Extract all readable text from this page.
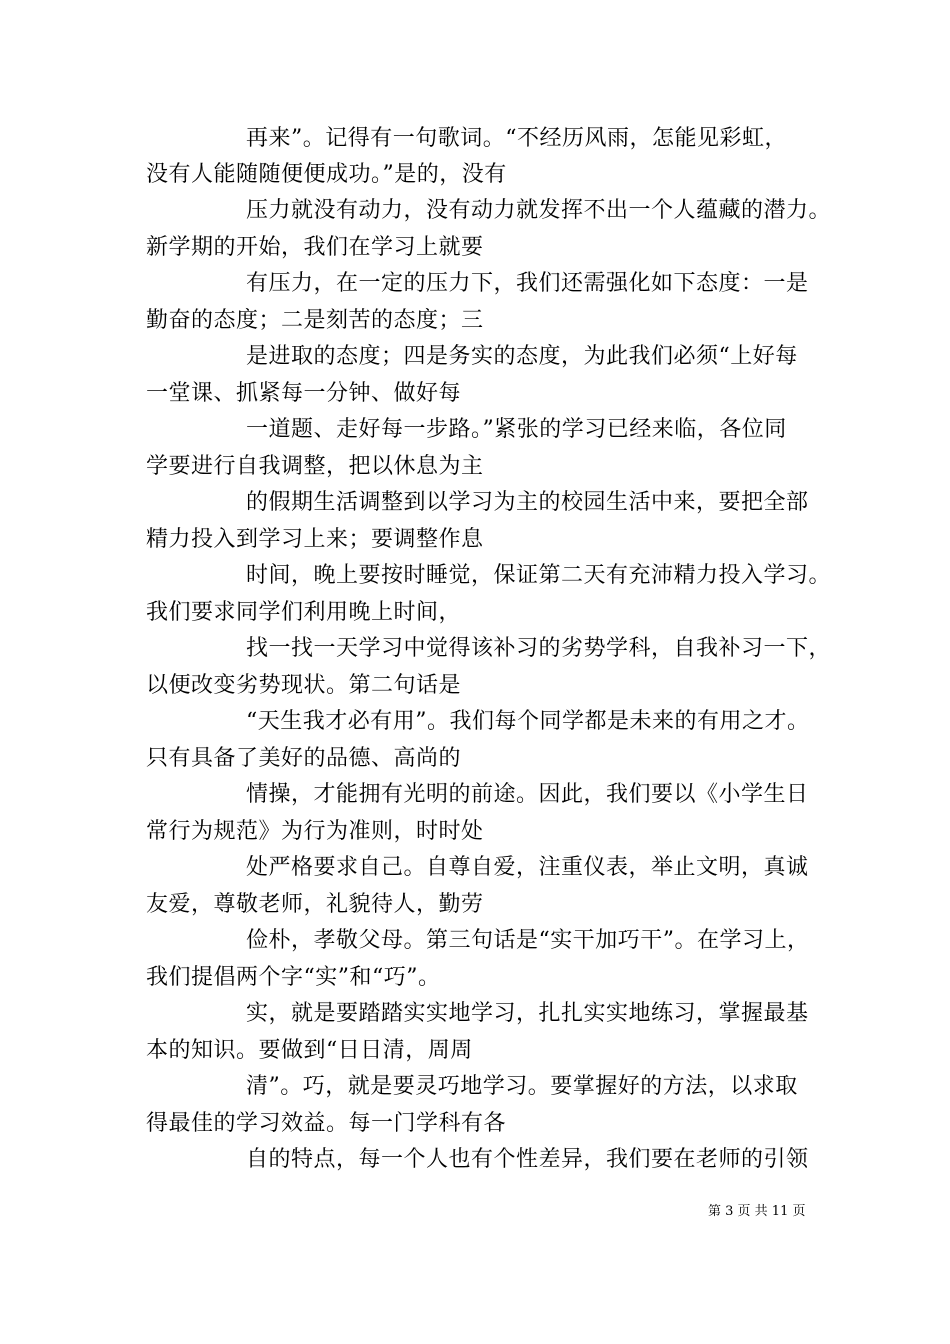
再来”。记得有一句歌词。“不经历风雨，怎能见彩虹，
没有人能随随便便成功。”是的，没有
压力就没有动力，没有动力就发挥不出一个人蕴藏的潜力。
新学期的开始，我们在学习上就要
有压力，在一定的压力下，我们还需强化如下态度：一是
勤奋的态度；二是刻苦的态度；三
是进取的态度；四是务实的态度，为此我们必须“上好每
一堂课、抓紧每一分钟、做好每
一道题、走好每一步路。”紧张的学习已经来临，各位同
学要进行自我调整，把以休息为主
的假期生活调整到以学习为主的校园生活中来，要把全部
精力投入到学习上来；要调整作息
时间，晚上要按时睡觉，保证第二天有充沛精力投入学习。
我们要求同学们利用晚上时间，
找一找一天学习中觉得该补习的劣势学科，自我补习一下，
以便改变劣势现状。第二句话是
“天生我才必有用”。我们每个同学都是未来的有用之才。
只有具备了美好的品德、高尚的
情操，才能拥有光明的前途。因此，我们要以《小学生日
常行为规范》为行为准则，时时处
处严格要求自己。自尊自爱，注重仪表，举止文明，真诚
友爱，尊敬老师，礼貌待人，勤劳
俭朴，孝敬父母。第三句话是“实干加巧干”。在学习上，
我们提倡两个字“实”和“巧”。
实，就是要踏踏实实地学习，扎扎实实地练习，掌握最基
本的知识。要做到“日日清，周周
清”。巧，就是要灵巧地学习。要掌握好的方法，以求取
得最佳的学习效益。每一门学科有各
自的特点，每一个人也有个性差异，我们要在老师的引领
第 3 页 共 11 页
